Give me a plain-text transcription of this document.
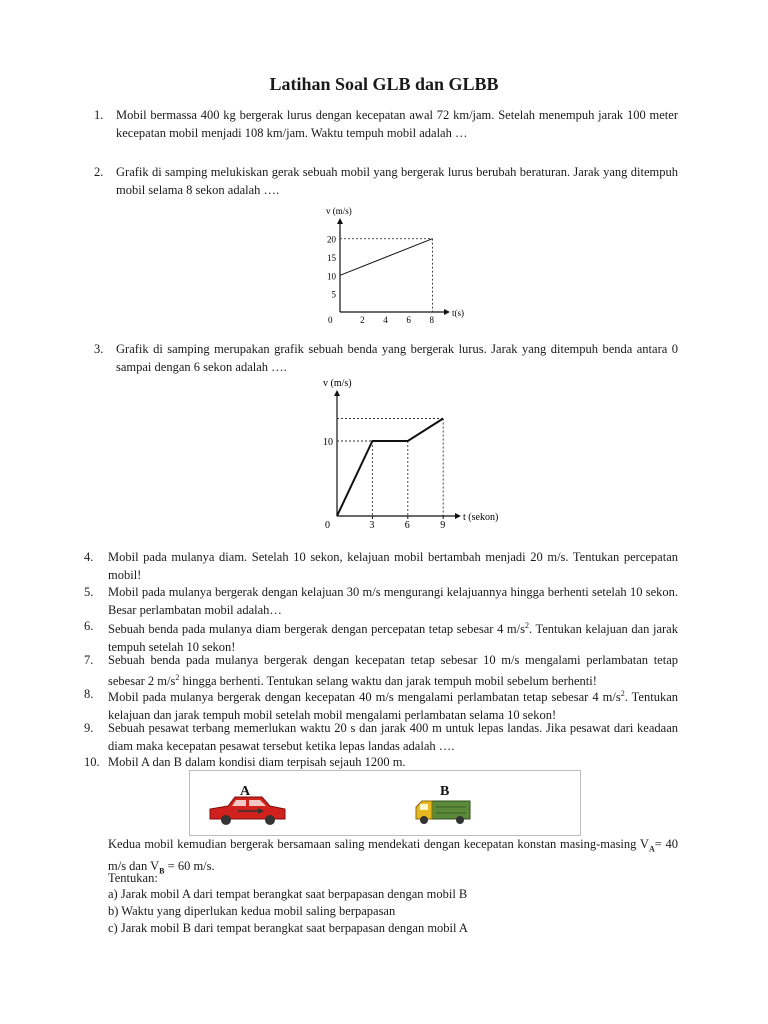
Latihan Soal GLB dan GLBB
1. Mobil bermassa 400 kg bergerak lurus dengan kecepatan awal 72 km/jam. Setelah menempuh jarak 100 meter kecepatan mobil menjadi 108 km/jam. Waktu tempuh mobil adalah …
2. Grafik di samping melukiskan gerak sebuah mobil yang bergerak lurus berubah beraturan. Jarak yang ditempuh mobil selama 8 sekon adalah ….
v (m/s)
t(s)
0	2 4 6 8
5
10
15
20
3. Grafik di samping merupakan grafik sebuah benda yang bergerak lurus. Jarak yang ditempuh benda antara 0 sampai dengan 6 sekon adalah ….
v (m/s)
t (sekon)
0	3	6	9
10
4. Mobil pada mulanya diam. Setelah 10 sekon, kelajuan mobil bertambah menjadi 20 m/s. Tentukan percepatan mobil!
5. Mobil pada mulanya bergerak dengan kelajuan 30 m/s mengurangi kelajuannya hingga berhenti setelah 10 sekon. Besar perlambatan mobil adalah…
6. Sebuah benda pada mulanya diam bergerak dengan percepatan tetap sebesar 4 $m/s^2$. Tentukan kelajuan dan jarak tempuh setelah 10 sekon!
7. Sebuah benda pada mulanya bergerak dengan kecepatan tetap sebesar 10 m/s mengalami perlambatan tetap sebesar 2 $m/s^2$ hingga berhenti. Tentukan selang waktu dan jarak tempuh mobil sebelum berhenti!
8. Mobil pada mulanya bergerak dengan kecepatan 40 m/s mengalami perlambatan tetap sebesar 4 $m/s^2$. Tentukan kelajuan dan jarak tempuh mobil setelah mobil mengalami perlambatan selama 10 sekon!
9. Sebuah pesawat terbang memerlukan waktu 20 s dan jarak 400 m untuk lepas landas. Jika pesawat dari keadaan diam maka kecepatan pesawat tersebut ketika lepas landas adalah ….
10. Mobil A dan B dalam kondisi diam terpisah sejauh 1200 m.
A	B
Kedua mobil kemudian bergerak bersamaan saling mendekati dengan kecepatan konstan masing-masing $V_A= 40$ m/s dan $V_B = 60$ m/s.
Tentukan:
a) Jarak mobil A dari tempat berangkat saat berpapasan dengan mobil B
b) Waktu yang diperlukan kedua mobil saling berpapasan
c) Jarak mobil B dari tempat berangkat saat berpapasan dengan mobil A
